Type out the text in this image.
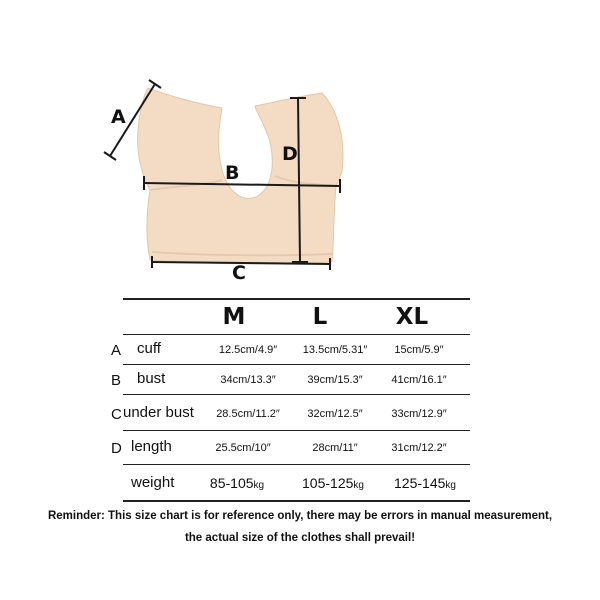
A
B
C
D
M	L	XL
A cuff	12.5cm/4.9″ 13.5cm/5.31″ 15cm/5.9″
B bust	34cm/13.3″	39cm/15.3″	41cm/16.1″
C under bust 28.5cm/11.2″	32cm/12.5″	33cm/12.9″
D length	25.5cm/10″	28cm/11″	31cm/12.2″
weight	85-105kg	105-125kg 125-145kg
Reminder: This size chart is for reference only, there may be errors in manual measurement,
the actual size of the clothes shall prevail!
